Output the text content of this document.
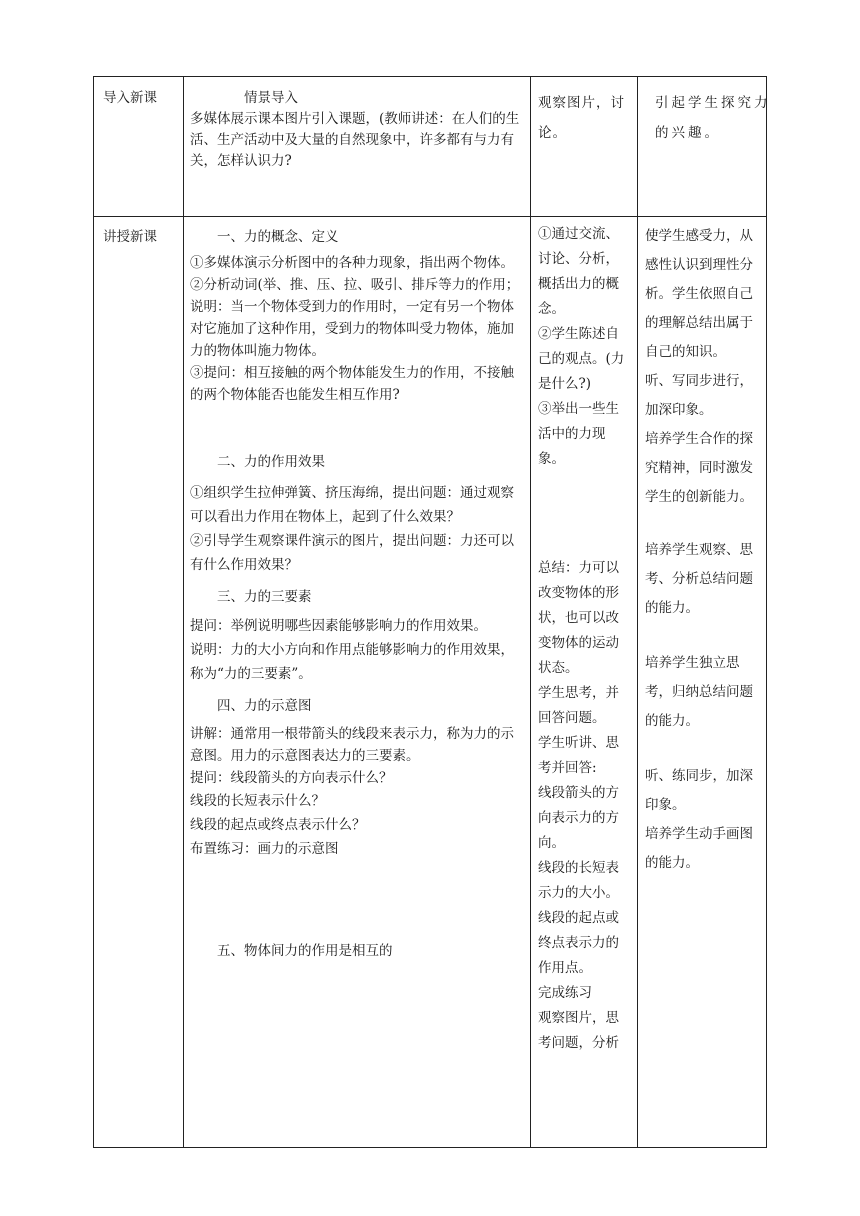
导入新课	　　情景导入

多媒体展示课本图片引入课题，(教师讲述：在人们的生活、生产活动中及大量的自然现象中，许多都有与力有关，怎样认识力?

观察图片，讨论。
引起学生探究力的兴趣。
讲授新课	一、力的概念、定义

①多媒体演示分析图中的各种力现象，指出两个物体。

②分析动词(举、推、压、拉、吸引、排斥等力的作用；

说明：当一个物体受到力的作用时，一定有另一个物体对它施加了这种作用，受到力的物体叫受力物体，施加力的物体叫施力物体。

③提问：相互接触的两个物体能发生力的作用，不接触的两个物体能否也能发生相互作用?

二、力的作用效果

①组织学生拉伸弹簧、挤压海绵，提出问题：通过观察可以看出力作用在物体上，起到了什么效果？

②引导学生观察课件演示的图片，提出问题：力还可以有什么作用效果？

三、力的三要素

提问：举例说明哪些因素能够影响力的作用效果。

说明：力的大小方向和作用点能够影响力的作用效果，称为“力的三要素”。

四、力的示意图

讲解：通常用一根带箭头的线段来表示力，称为力的示意图。用力的示意图表达力的三要素。

提问：线段箭头的方向表示什么？

线段的长短表示什么？

线段的起点或终点表示什么？

布置练习：画力的示意图

五、物体间力的作用是相互的

①通过交流、讨论、分析，概括出力的概念。

②学生陈述自己的观点。(力是什么?)

③举出一些生活中的力现象。

总结：力可以改变物体的形状，也可以改变物体的运动状态。

学生思考，并回答问题。

学生听讲、思考并回答:

线段箭头的方向表示力的方向。

线段的长短表示力的大小。

线段的起点或终点表示力的作用点。

完成练习

观察图片，思考问题，分析

使学生感受力，从感性认识到理性分析。学生依照自己的理解总结出属于自己的知识。

听、写同步进行，加深印象。

培养学生合作的探究精神，同时激发学生的创新能力。

培养学生观察、思考、分析总结问题的能力。

培养学生独立思考，归纳总结问题的能力。

听、练同步，加深印象。

培养学生动手画图的能力。
